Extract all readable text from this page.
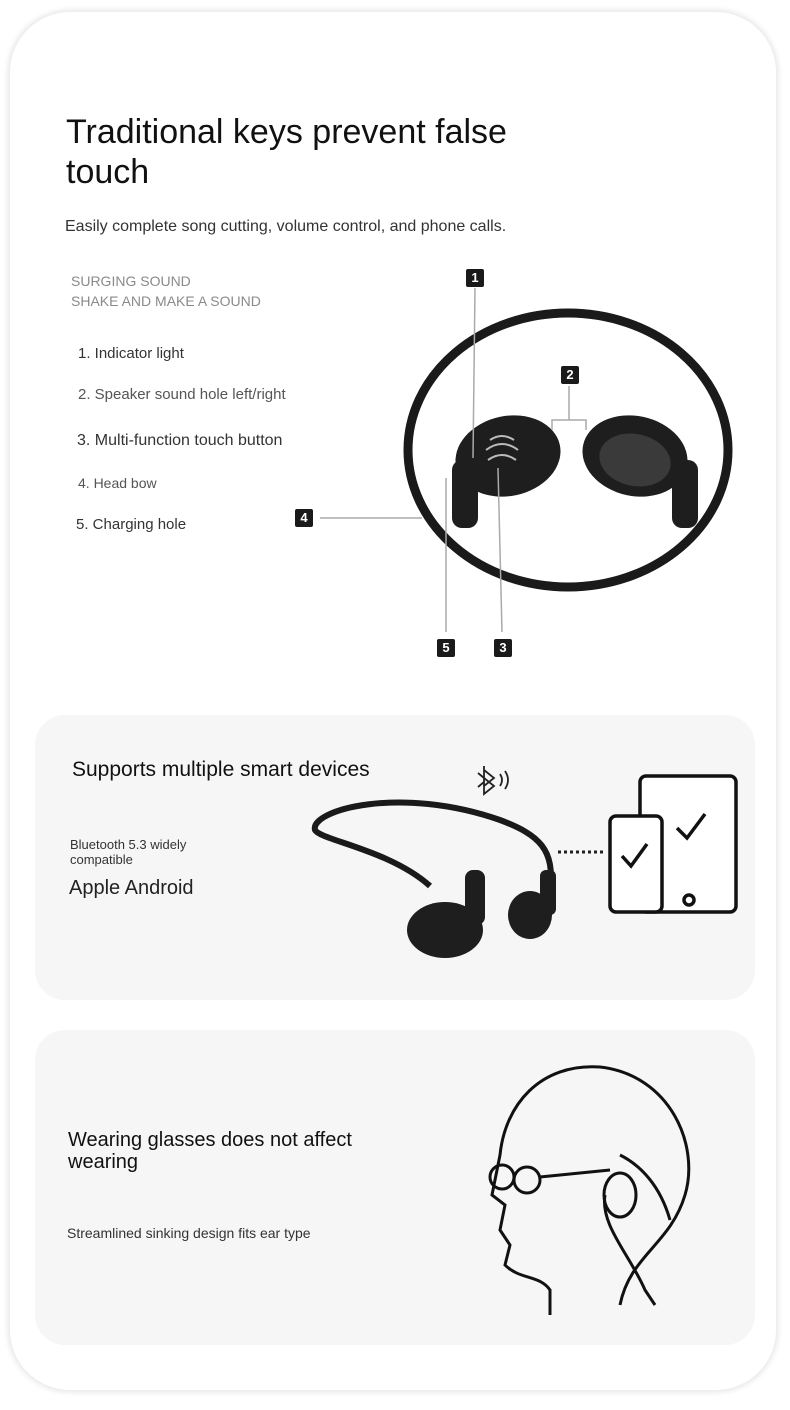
Traditional keys prevent false touch
Easily complete song cutting, volume control, and phone calls.
SURGING SOUND
SHAKE AND MAKE A SOUND
1. Indicator light
2. Speaker sound hole left/right
3. Multi-function touch button
4. Head bow
5. Charging hole
1
2
3
4
5
Supports multiple smart devices
Bluetooth 5.3 widely compatible
Apple Android
Wearing glasses does not affect wearing
Streamlined sinking design fits ear type
